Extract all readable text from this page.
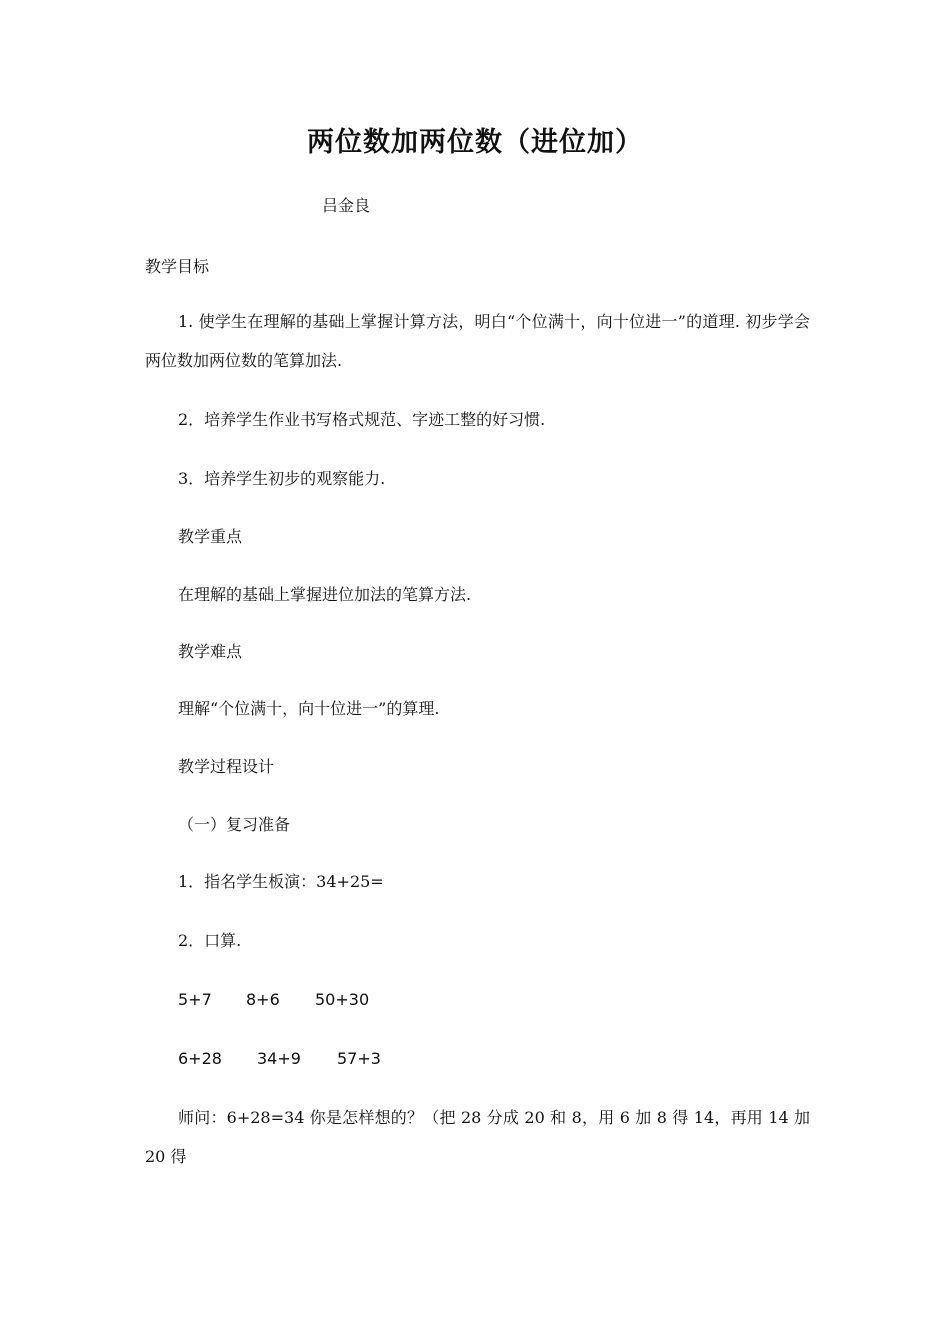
两位数加两位数（进位加）
吕金良
教学目标
1. 使学生在理解的基础上掌握计算方法，明白“个位满十，向十位进一”的道理. 初步学会两位数加两位数的笔算加法.
2．培养学生作业书写格式规范、字迹工整的好习惯.
3．培养学生初步的观察能力.
教学重点
在理解的基础上掌握进位加法的笔算方法.
教学难点
理解“个位满十，向十位进一”的算理.
教学过程设计
（一）复习准备
1．指名学生板演：34+25=
2．口算.
5+7 8+6 50+30
6+28 34+9 57+3
师问：6+28=34 你是怎样想的？（把 28 分成 20 和 8，用 6 加 8 得 14，再用 14 加 20 得
